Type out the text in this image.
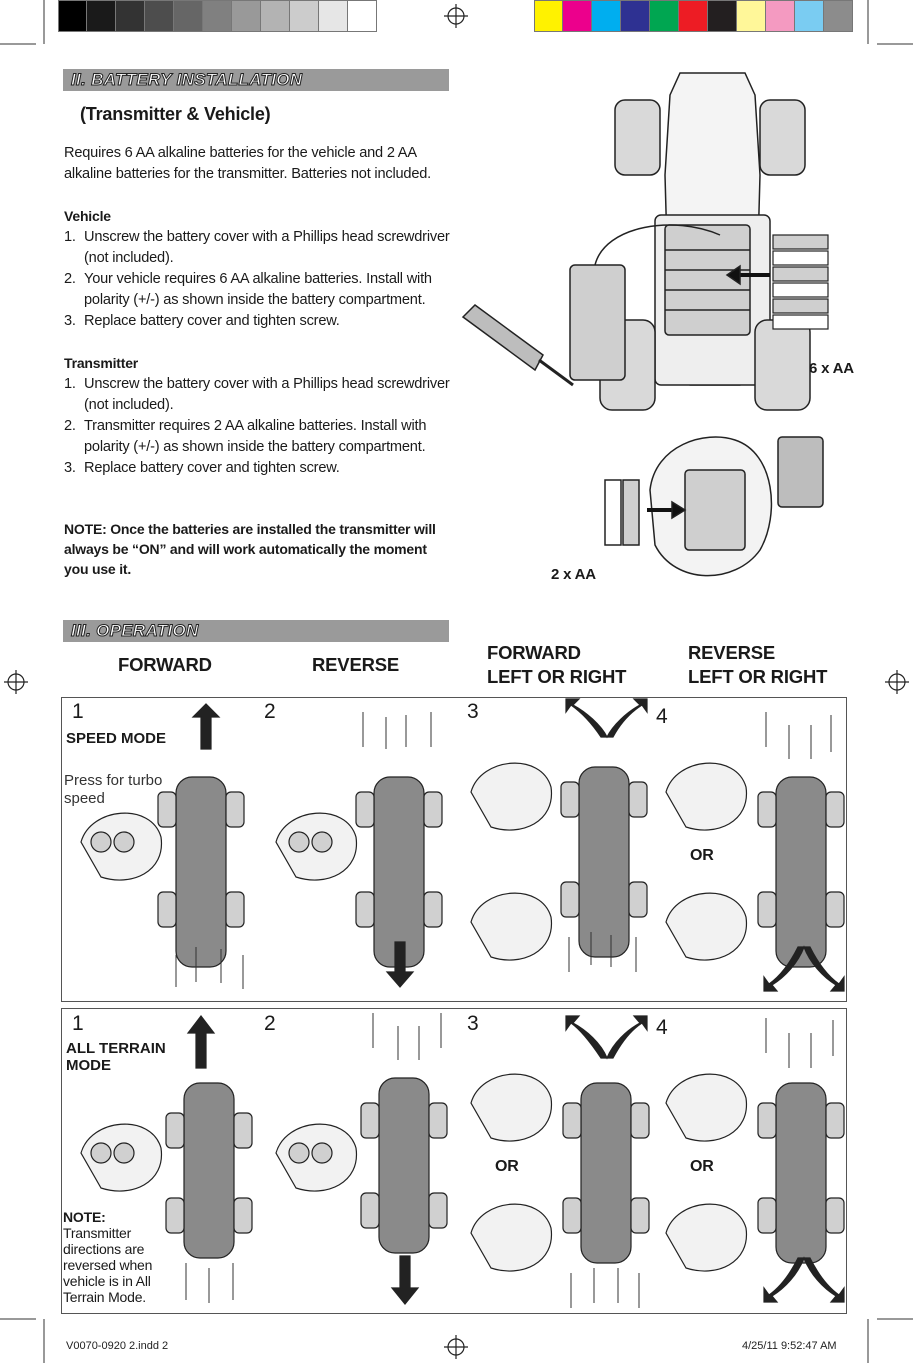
II. BATTERY INSTALLATION
(Transmitter & Vehicle)
Requires 6 AA alkaline batteries for the vehicle and 2 AA alkaline batteries for the transmitter. Batteries not included.
Vehicle
1. Unscrew the battery cover with a Phillips head screwdriver (not included).
2. Your vehicle requires 6 AA alkaline batteries. Install with polarity (+/-) as shown inside the battery compartment.
3. Replace battery cover and tighten screw.
Transmitter
1. Unscrew the battery cover with a Phillips head screwdriver (not included).
2. Transmitter requires 2 AA alkaline batteries. Install with polarity (+/-) as shown inside the battery compartment.
3. Replace battery cover and tighten screw.
NOTE: Once the batteries are installed the transmitter will always be “ON” and will work automatically the moment you use it.
6 x AA
2 x AA
III. OPERATION
FORWARD	REVERSE
FORWARD
LEFT OR RIGHT
REVERSE
LEFT OR RIGHT
1	2	3	4
SPEED MODE
Press for turbo speed
OR
1	2	3	4
ALL TERRAIN
MODE
NOTE:
Transmitter directions are reversed when vehicle is in All Terrain Mode.
OR	OR
V0070-0920 2.indd 2	4/25/11 9:52:47 AM
